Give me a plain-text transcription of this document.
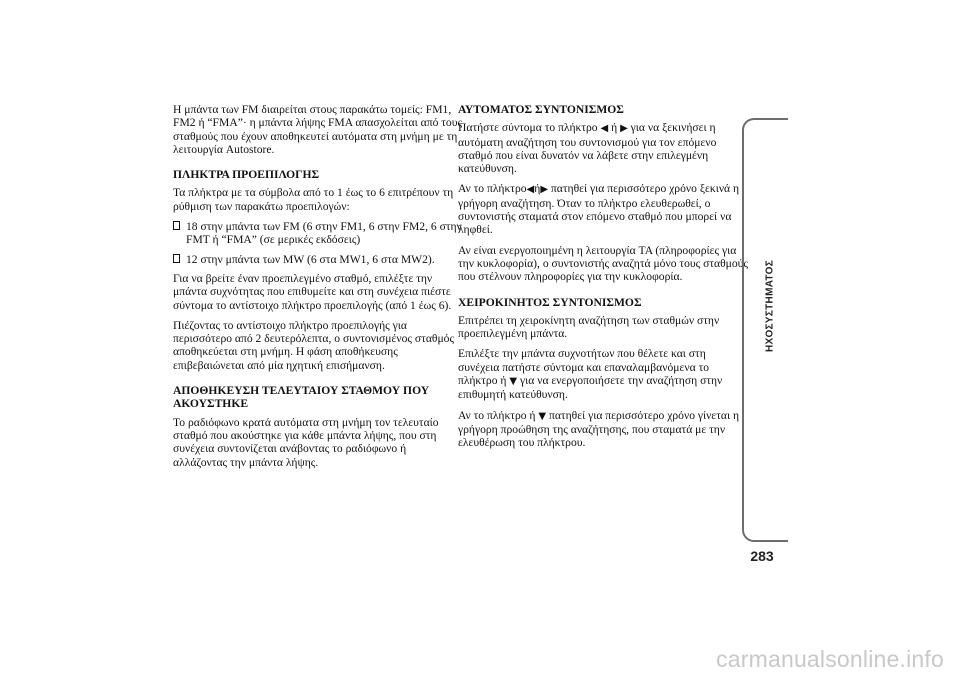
Η μπάντα των FM διαιρείται στους παρακάτω τομείς: FM1, FM2 ή “FMA”· η μπάντα λήψης FMA απασχολείται από τους σταθμούς που έχουν αποθηκευτεί αυτόματα στη μνήμη με τη λειτουργία Autostore.

ΠΛΗΚΤΡΑ ΠΡΟΕΠΙΛΟΓΗΣ

Τα πλήκτρα με τα σύμβολα από το 1 έως το 6 επιτρέπουν τη ρύθμιση των παρακάτω προεπιλογών:

18 στην μπάντα των FM (6 στην FM1, 6 στην FM2, 6 στην FMT ή “FMA” (σε μερικές εκδόσεις)
12 στην μπάντα των MW (6 στα MW1, 6 στα MW2).

Για να βρείτε έναν προεπιλεγμένο σταθμό, επιλέξτε την μπάντα συχνότητας που επιθυμείτε και στη συνέχεια πιέστε σύντομα το αντίστοιχο πλήκτρο προεπιλογής (από 1 έως 6).

Πιέζοντας το αντίστοιχο πλήκτρο προεπιλογής για περισσότερο από 2 δευτερόλεπτα, ο συντονισμένος σταθμός αποθηκεύεται στη μνήμη. Η φάση αποθήκευσης επιβεβαιώνεται από μία ηχητική επισήμανση.

ΑΠΟΘΗΚΕΥΣΗ ΤΕΛΕΥΤΑΙΟΥ ΣΤΑΘΜΟΥ ΠΟΥ ΑΚΟΥΣΤΗΚΕ

Το ραδιόφωνο κρατά αυτόματα στη μνήμη τον τελευταίο σταθμό που ακούστηκε για κάθε μπάντα λήψης, που στη συνέχεια συντονίζεται ανάβοντας το ραδιόφωνο ή αλλάζοντας την μπάντα λήψης.

ΑΥΤΟΜΑΤΟΣ ΣΥΝΤΟΝΙΣΜΟΣ

Πατήστε σύντομα το πλήκτρο ◀ ή ▶ για να ξεκινήσει η αυτόματη αναζήτηση του συντονισμού για τον επόμενο σταθμό που είναι δυνατόν να λάβετε στην επιλεγμένη κατεύθυνση.

Αν το πλήκτρο◀ή▶ πατηθεί για περισσότερο χρόνο ξεκινά η γρήγορη αναζήτηση. Όταν το πλήκτρο ελευθερωθεί, ο συντονιστής σταματά στον επόμενο σταθμό που μπορεί να ληφθεί.

Αν είναι ενεργοποιημένη η λειτουργία TA (πληροφορίες για την κυκλοφορία), ο συντονιστής αναζητά μόνο τους σταθμούς που στέλνουν πληροφορίες για την κυκλοφορία.

ΧΕΙΡΟΚΙΝΗΤΟΣ ΣΥΝΤΟΝΙΣΜΟΣ

Επιτρέπει τη χειροκίνητη αναζήτηση των σταθμών στην προεπιλεγμένη μπάντα.

Επιλέξτε την μπάντα συχνοτήτων που θέλετε και στη συνέχεια πατήστε σύντομα και επαναλαμβανόμενα το πλήκτρο ή ▼ για να ενεργοποιήσετε την αναζήτηση στην επιθυμητή κατεύθυνση.

Αν το πλήκτρο ή ▼ πατηθεί για περισσότερο χρόνο γίνεται η γρήγορη προώθηση της αναζήτησης, που σταματά με την ελευθέρωση του πλήκτρου.

ΗΧΟΣΥΣΤΗΜΑΤΟΣ
283
carmanualsonline.info
